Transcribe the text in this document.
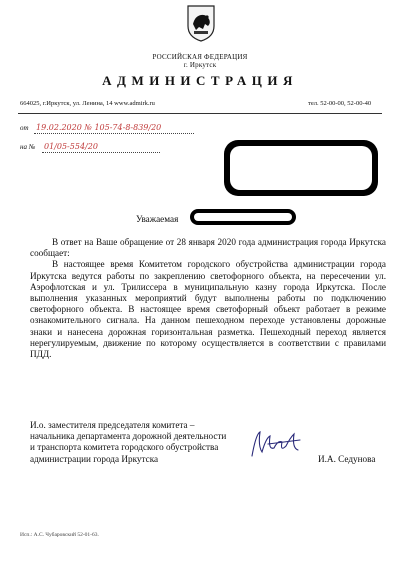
РОССИЙСКАЯ ФЕДЕРАЦИЯ
г. Иркутск
АДМИНИСТРАЦИЯ
664025, г.Иркутск, ул. Ленина, 14 www.admirk.ru	тел. 52-00-00, 52-00-40
от 19.02.2020 № 105-74-8-839/20
на № 01/05-554/20
Уважаемая

В ответ на Ваше обращение от 28 января 2020 года администрация города Иркутска сообщает:

В настоящее время Комитетом городского обустройства администрации города Иркутска ведутся работы по закреплению светофорного объекта, на пересечении ул. Аэрофлотская и ул. Трилиссера в муниципальную казну города Иркутска. После выполнения указанных мероприятий будут выполнены работы по подключению светофорного объекта. В настоящее время светофорный объект работает в режиме ознакомительного сигнала. На данном пешеходном переходе установлены дорожные знаки и нанесена дорожная горизонтальная разметка. Пешеходный переход является нерегулируемым, движение по которому осуществляется в соответствии с правилами ПДД.

И.о. заместителя председателя комитета –
начальника департамента дорожной деятельности
и транспорта комитета городского обустройства
администрации города Иркутска	И.А. Седунова
Исп.: А.С. Чубаровский 52-01-63.
